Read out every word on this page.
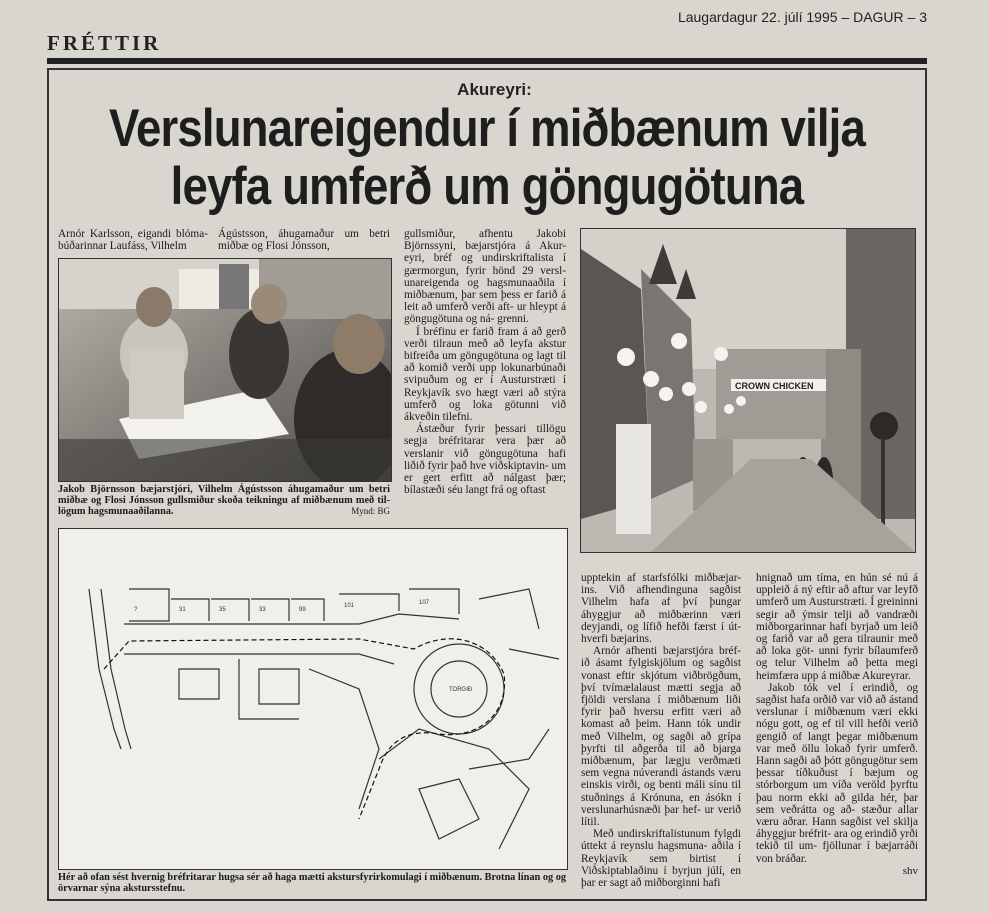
Laugardagur 22. júlí 1995 – DAGUR – 3
FRÉTTIR
Akureyri:
Verslunareigendur í miðbænum vilja
leyfa umferð um göngugötuna

Arnór Karlsson, eigandi blóma- búðarinnar Laufáss, Vilhelm

Ágústsson, áhugamaður um betri miðbæ og Flosi Jónsson,

Jakob Björnsson bæjarstjóri, Vilhelm Ágústsson áhugamaður um betri miðbæ og Flosi Jónsson gullsmiður skoða teikningu af miðbænum með til- lögum hagsmunaaðilanna.	Mynd: BG

gullsmiður, afhentu Jakobi Björnssyni, bæjarstjóra á Akur- eyri, bréf og undirskriftalista í gærmorgun, fyrir hönd 29 versl- unareigenda og hagsmunaaðila í miðbænum, þar sem þess er farið á leit að umferð verði aft- ur hleypt á göngugötuna og ná- grenni.

Í bréfinu er farið fram á að gerð verði tilraun með að leyfa akstur bifreiða um göngugötuna og lagt til að komið verði upp lokunarbúnaði svipuðum og er í Austurstræti í Reykjavík svo hægt væri að stýra umferð og loka götunni við ákveðin tilefni.

Ástæður fyrir þessari tillögu segja bréfritarar vera þær að verslanir við göngugötuna hafi liðið fyrir það hve viðskiptavin- um er gert erfitt að nálgast þær; bílastæði séu langt frá og oftast

CROWN CHICKEN
?	31	35	33	99
101	107
TORGIÐ
Hér að ofan sést hvernig bréfritarar hugsa sér að haga mætti akstursfyrirkomulagi í miðbænum. Brotna línan og og örvarnar sýna akstursstefnu.

upptekin af starfsfólki miðbæjar- ins. Við afhendinguna sagðist Vilhelm hafa af því þungar áhyggjur að miðbærinn væri deyjandi, og lífið hefði færst í út- hverfi bæjarins.

Arnór afhenti bæjarstjóra bréf- ið ásamt fylgiskjölum og sagðist vonast eftir skjótum viðbrögðum, því tvímælalaust mætti segja að fjöldi verslana í miðbænum liði fyrir það hversu erfitt væri að komast að þeim. Hann tók undir með Vilhelm, og sagði að grípa þyrfti til aðgerða til að bjarga miðbænum, þar lægju verðmæti sem vegna núverandi ástands væru einskis virði, og benti máli sínu til stuðnings á Krónuna, en ásókn í verslunarhúsnæði þar hef- ur verið lítil.

Með undirskriftalistunum fylgdi úttekt á reynslu hagsmuna- aðila í Reykjavík sem birtist í Viðskiptablaðinu í byrjun júlí, en þar er sagt að miðborginni hafi

hnignað um tíma, en hún sé nú á uppleið á ný eftir að aftur var leyfð umferð um Austurstræti. Í greininni segir að ýmsir telji að vandræði miðborgarinnar hafi byrjað um leið og farið var að gera tilraunir með að loka göt- unni fyrir bílaumferð og telur Vilhelm að þetta megi heimfæra upp á miðbæ Akureyrar.

Jakob tók vel í erindið, og sagðist hafa orðið var við að ástand verslunar í miðbænum væri ekki nógu gott, og ef til vill hefði verið gengið of langt þegar miðbænum var með öllu lokað fyrir umferð. Hann sagði að þótt göngugötur sem þessar tíðkuðust í bæjum og stórborgum um víða veröld þyrftu þau norm ekki að gilda hér, þar sem veðrátta og að- stæður allar væru aðrar. Hann sagðist vel skilja áhyggjur bréfrit- ara og erindið yrði tekið til um- fjöllunar í bæjarráði von bráðar.

shv
